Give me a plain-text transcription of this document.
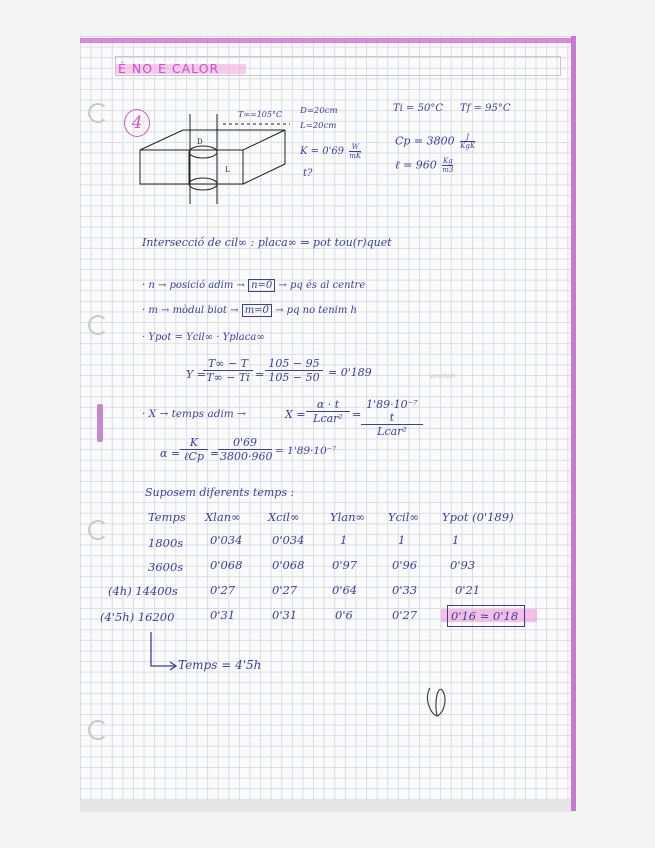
É NO E CALOR
4
D
L
T∞=105°C D=20cm
L=20cm
$K = 0'69 \frac{W}{mK}$
t?
Ti = 50°C Tf = 95°C
Cp = 3800	J
KgK
ℓ = $960 \frac{Kg}{m3}$
Intersecció de cil∞ : placa∞ ⇒ pot tou(r)quet
· n → posició adim → n=0 → pq és al centre
· m → mòdul biot → m=0 → pq no tenim h
· Ypot = Ycil∞ · Yplaca∞
Y =
$\frac{T\infty - T}{T\infty - Ti} = \frac{105 - 95}{105 - 50} = 0'189$
· X → temps adim →	X =
α · t
Lcar² =
1'89·10⁻⁷ t
Lcar²
α =
K
ℓCp =
$\frac{0'69}{3800\cdot 960} = 1'89\cdot 10^{-7}$
Suposem diferents temps :
Temps Xlan∞ Xcil∞	Ylan∞ Ycil∞ Ypot (0'189)
1800s 0'034	0'034	1	1	1
3600s 0'068	0'068 0'97	0'96	0'93
(4h) 14400s	0'27	0'27	0'64	0'33	0'21
(4'5h) 16200	0'31	0'31	0'6	0'27	0'16 ≃ 0'18
Temps = 4'5h
wuolah
